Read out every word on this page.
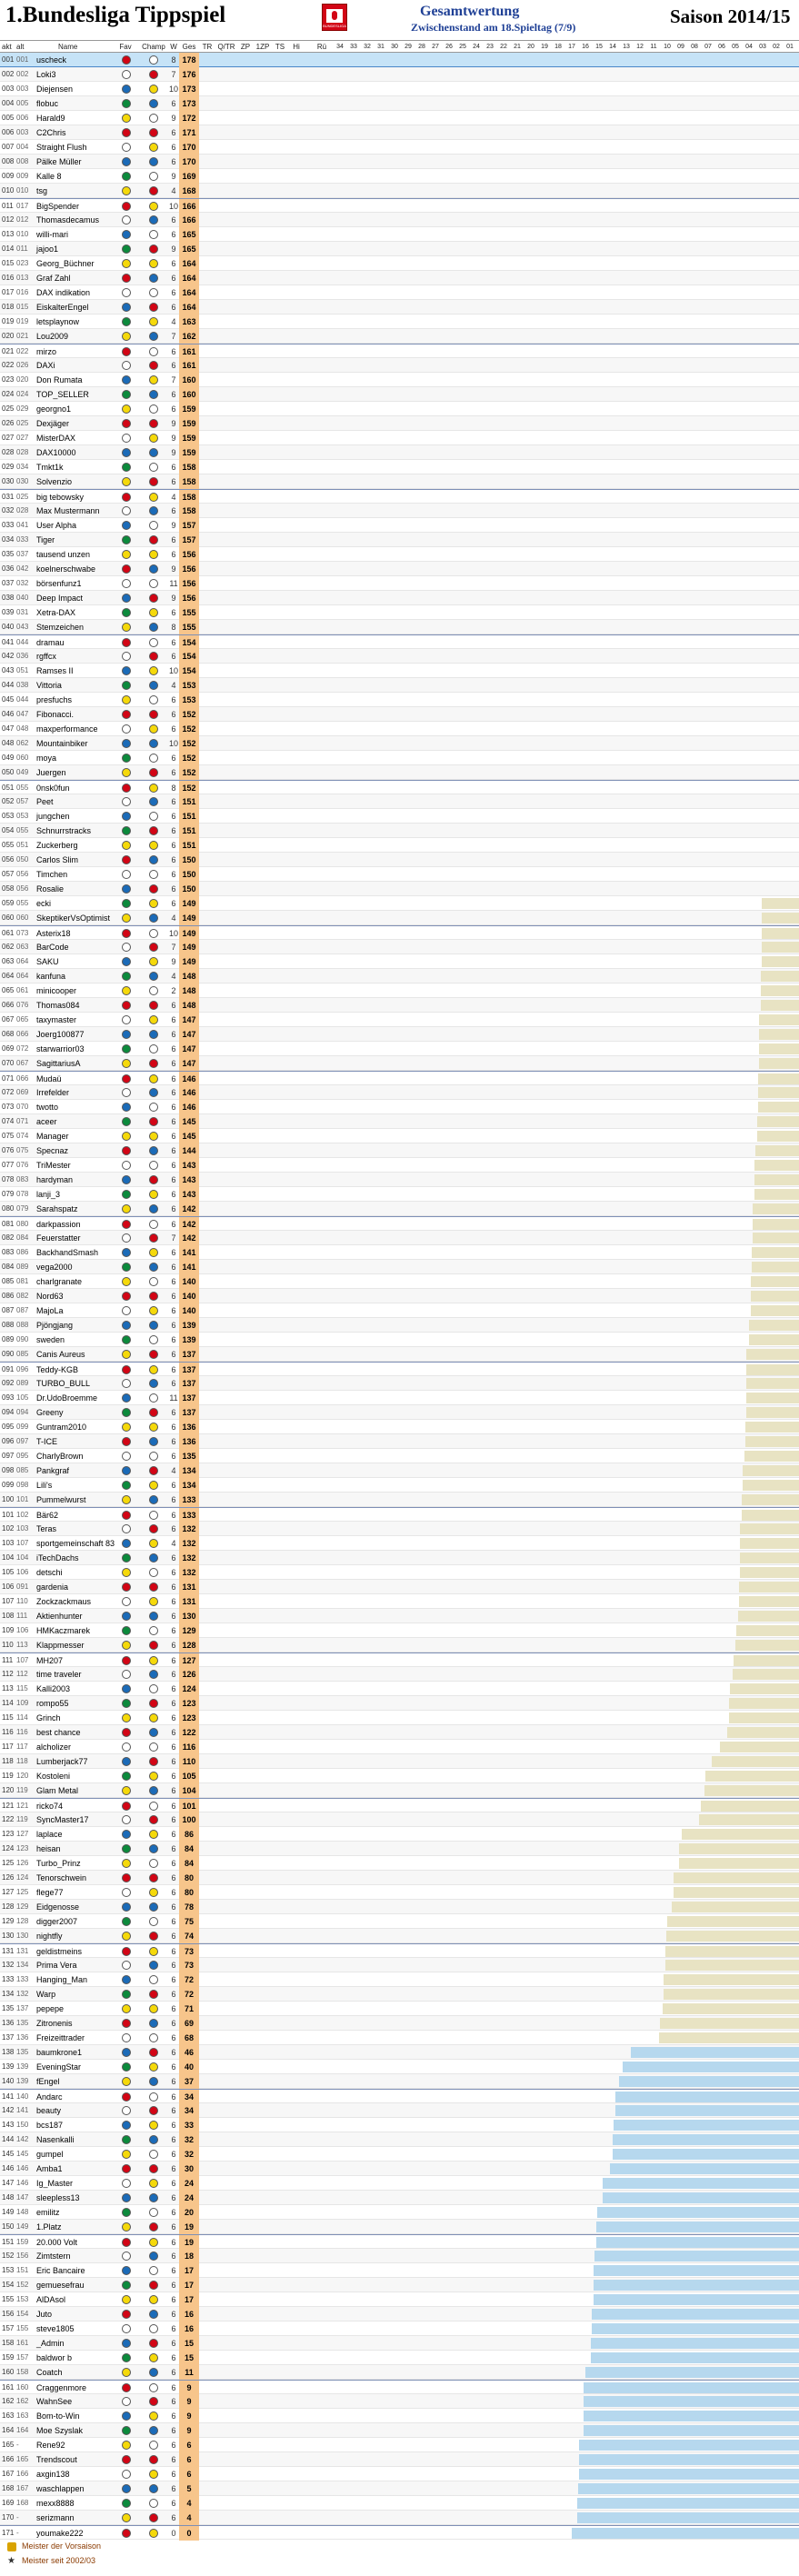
1.Bundesliga Tippspiel	BUNDESLIGA
Gesamtwertung
Zwischenstand am 18.Spieltag (7/9)	Saison 2014/15
akt alt	Name	Fav	Champ W Ges TR Q/TR ZP 1ZP TS	Hi	Rü	34	33	32	31	30	29	28	27	26	25	24	23	22	21	20	19	18	17	16	15	14	13	12	11	10	09	08	07	06	05	04	03	02	01
001 001 uscheck	8 178
002 002 Loki3	7 176
003 003 Diejensen	10 173
004 005 flobuc	6 173
005 006 Harald9	9 172
006 003 C2Chris	6 171
007 004 Straight Flush	6 170
008 008 Pälke Müller	6 170
009 009 Kalle 8	9 169
010 010 tsg	4 168
011 017 BigSpender	10 166
012 012 Thomasdecamus	6 166
013 010 willi-mari	6 165
014 011	jajoo1	9 165
015 023 Georg_Büchner	6 164
016 013 Graf Zahl	6 164
017 016 DAX indikation	6 164
018 015 EiskalterEngel	6 164
019 019 letsplaynow	4 163
020 021 Lou2009	7 162
021 022 mirzo	6 161
022 026 DAXi	6 161
023 020 Don Rumata	7 160
024 024 TOP_SELLER	6 160
025 029 georgno1	6 159
026 025 Dexjäger	9 159
027 027 MisterDAX	9 159
028 028 DAX10000	9 159
029 034 Tmkt1k	6 158
030 030 Solvenzio	6 158
031 025 big tebowsky	4 158
032 028 Max Mustermann	6 158
033 041 User Alpha	9 157
034 033 Tiger	6 157
035 037 tausend unzen	6 156
036 042 koelnerschwabe	9 156
037 032 börsenfunz1	11 156
038 040 Deep Impact	9 156
039 031 Xetra-DAX	6 155
040 043 Stemzeichen	8 155
041 044 dramau	6 154
042 036 rgffcx	6 154
043 051 Ramses II	10 154
044 038 Vittoria	4 153
045 044 presfuchs	6 153
046 047 Fibonacci.	6 152
047 048 maxperformance	6 152
048 062 Mountainbiker	10 152
049 060 moya	6 152
050 049 Juergen	6 152
051 055 0nsk0fun	8 152
052 057 Peet	6 151
053 053 jungchen	6 151
054 055 Schnurrstracks	6 151
055 051 Zuckerberg	6 151
056 050 Carlos Slim	6 150
057 056 Timchen	6 150
058 056 Rosalie	6 150
059 055 ecki	6 149
060 060 SkeptikerVsOptimist	4 149
061 073 Asterix18	10 149
062 063 BarCode	7 149
063 064 SAKU	9 149
064 064 kanfuna	4 148
065 061 minicooper	2 148
066 076 Thomas084	6 148
067 065 taxymaster	6 147
068 066 Joerg100877	6 147
069 072 starwarrior03	6 147
070 067 SagittariusA	6 147
071 066 Mudaü	6 146
072 069 Irrefelder	6 146
073 070 twotto	6 146
074 071 aceer	6 145
075 074 Manager	6 145
076 075 Specnaz	6 144
077 076 TriMester	6 143
078 083 hardyman	6 143
079 078 lanji_3	6 143
080 079 Sarahspatz	6 142
081 080 darkpassion	6 142
082 084 Feuerstatter	7 142
083 086 BackhandSmash	6 141
084 089 vega2000	6 141
085 081 charlgranate	6 140
086 082 Nord63	6 140
087 087 MajoLa	6 140
088 088 Pjöngjang	6 139
089 090 sweden	6 139
090 085 Canis Aureus	6 137
091 096 Teddy-KGB	6 137
092 089 TURBO_BULL	6 137
093 105 Dr.UdoBroemme	11 137
094 094 Greeny	6 137
095 099 Guntram2010	6 136
096 097 T-ICE	6 136
097 095 CharlyBrown	6 135
098 085 Pankgraf	4 134
099 098 Lili's	6 134
100 101 Pummelwurst	6 133
101 102 Bär62	6 133
102 103 Teras	6 132
103 107 sportgemeinschaft 83	4 132
104 104 iTechDachs	6 132
105 106 detschi	6 132
106 091 gardenia	6 131
107 110	Zockzackmaus	6 131
108 111	Aktienhunter	6 130
109 106 HMKaczmarek	6 129
110 113	Klappmesser	6 128
111 107 MH207	6 127
112 112	time traveler	6 126
113 115	Kalli2003	6 124
114 109 rompo55	6 123
115 114	Grinch	6 123
116 116	best chance	6 122
117 117	alcholizer	6 116
118 118	Lumberjack77	6 110
119 120 Kostoleni	6 105
120 119	Glam Metal	6 104
121 121 ricko74	6 101
122 119	SyncMaster17	6 100
123 127 laplace	6	86
124 123 heisan	6	84
125 126 Turbo_Prinz	6	84
126 124 Tenorschwein	6	80
127 125 flege77	6	80
128 129 Eidgenosse	6	78
129 128 digger2007	6	75
130 130 nightfly	6	74
131 131 geldistmeins	6	73
132 134 Prima Vera	6	73
133 133 Hanging_Man	6	72
134 132 Warp	6	72
135 137 pepepe	6	71
136 135 Zitronenis	6	69
137 136 Freizeittrader	6	68
138 135 baumkrone1	6	46
139 139 EveningStar	6	40
140 139 fEngel	6	37
141 140 Andarc	6	34
142 141 beauty	6	34
143 150 bcs187	6	33
144 142 Nasenkalli	6	32
145 145 gumpel	6	32
146 146 Amba1	6	30
147 146 Ig_Master	6	24
148 147 sleepless13	6	24
149 148 emilitz	6	20
150 149 1.Platz	6	19
151 159 20.000 Volt	6	19
152 156 Zimtstern	6	18
153 151 Eric Bancaire	6	17
154 152 gemuesefrau	6	17
155 153 AlDAsol	6	17
156 154 Juto	6	16
157 155 steve1805	6	16
158 161 _Admin	6	15
159 157 baldwor b	6	15
160 158 Coatch	6	11
161 160 Craggenmore	6	9
162 162 WahnSee	6	9
163 163 Bom-to-Win	6	9
164 164 Moe Szyslak	6	9
165 -	Rene92	6	6
166 165 Trendscout	6	6
167 166 axgin138	6	6
168 167 waschlappen	6	5
169 168 mexx8888	6	4
170 -	serizmann	6	4
171 -	youmake222	0	0
Meister der Vorsaison
★ Meister seit 2002/03
